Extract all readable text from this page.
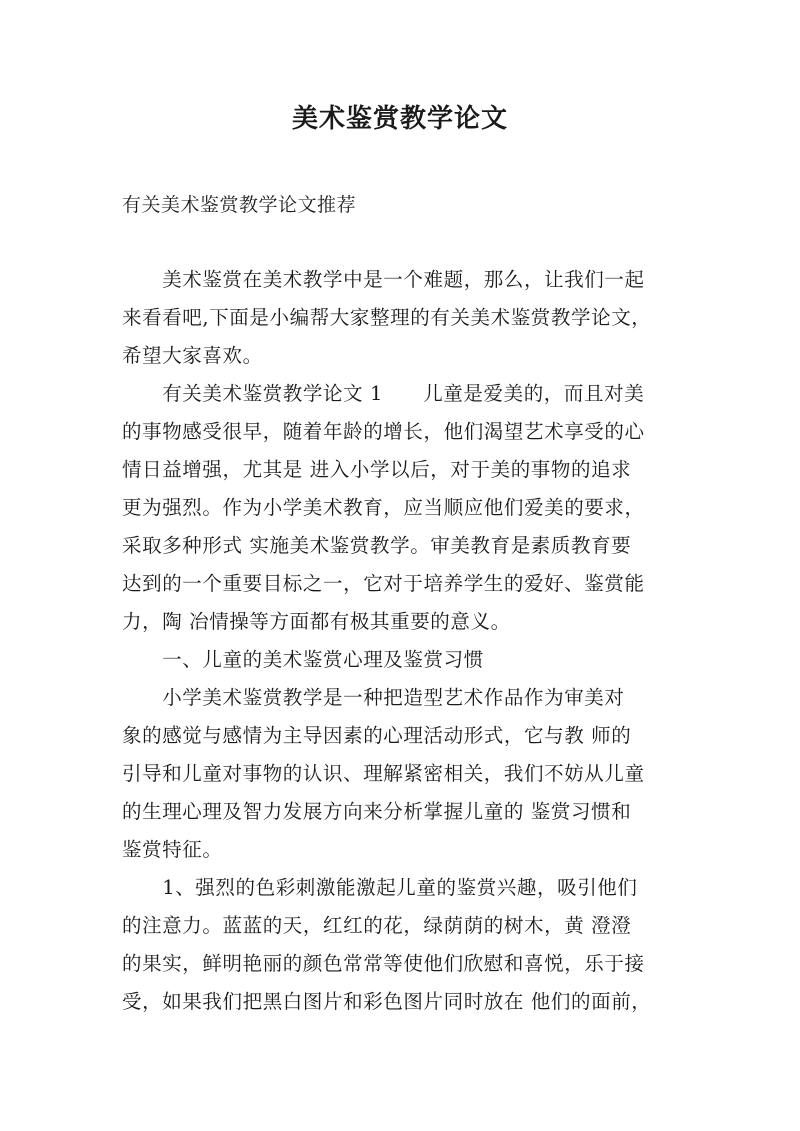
美术鉴赏教学论文

有关美术鉴赏教学论文推荐

　　美术鉴赏在美术教学中是一个难题，那么，让我们一起
来看看吧,下面是小编帮大家整理的有关美术鉴赏教学论文，
希望大家喜欢。
　　有关美术鉴赏教学论文 1　　儿童是爱美的，而且对美
的事物感受很早，随着年龄的增长，他们渴望艺术享受的心
情日益增强，尤其是 进入小学以后，对于美的事物的追求
更为强烈。作为小学美术教育，应当顺应他们爱美的要求，
采取多种形式 实施美术鉴赏教学。审美教育是素质教育要
达到的一个重要目标之一，它对于培养学生的爱好、鉴赏能
力，陶 冶情操等方面都有极其重要的意义。
　　一、儿童的美术鉴赏心理及鉴赏习惯
　　小学美术鉴赏教学是一种把造型艺术作品作为审美对
象的感觉与感情为主导因素的心理活动形式，它与教 师的
引导和儿童对事物的认识、理解紧密相关，我们不妨从儿童
的生理心理及智力发展方向来分析掌握儿童的 鉴赏习惯和
鉴赏特征。
　　1、强烈的色彩刺激能激起儿童的鉴赏兴趣，吸引他们
的注意力。蓝蓝的天，红红的花，绿荫荫的树木，黄 澄澄
的果实，鲜明艳丽的颜色常常等使他们欣慰和喜悦，乐于接
受，如果我们把黑白图片和彩色图片同时放在 他们的面前，
